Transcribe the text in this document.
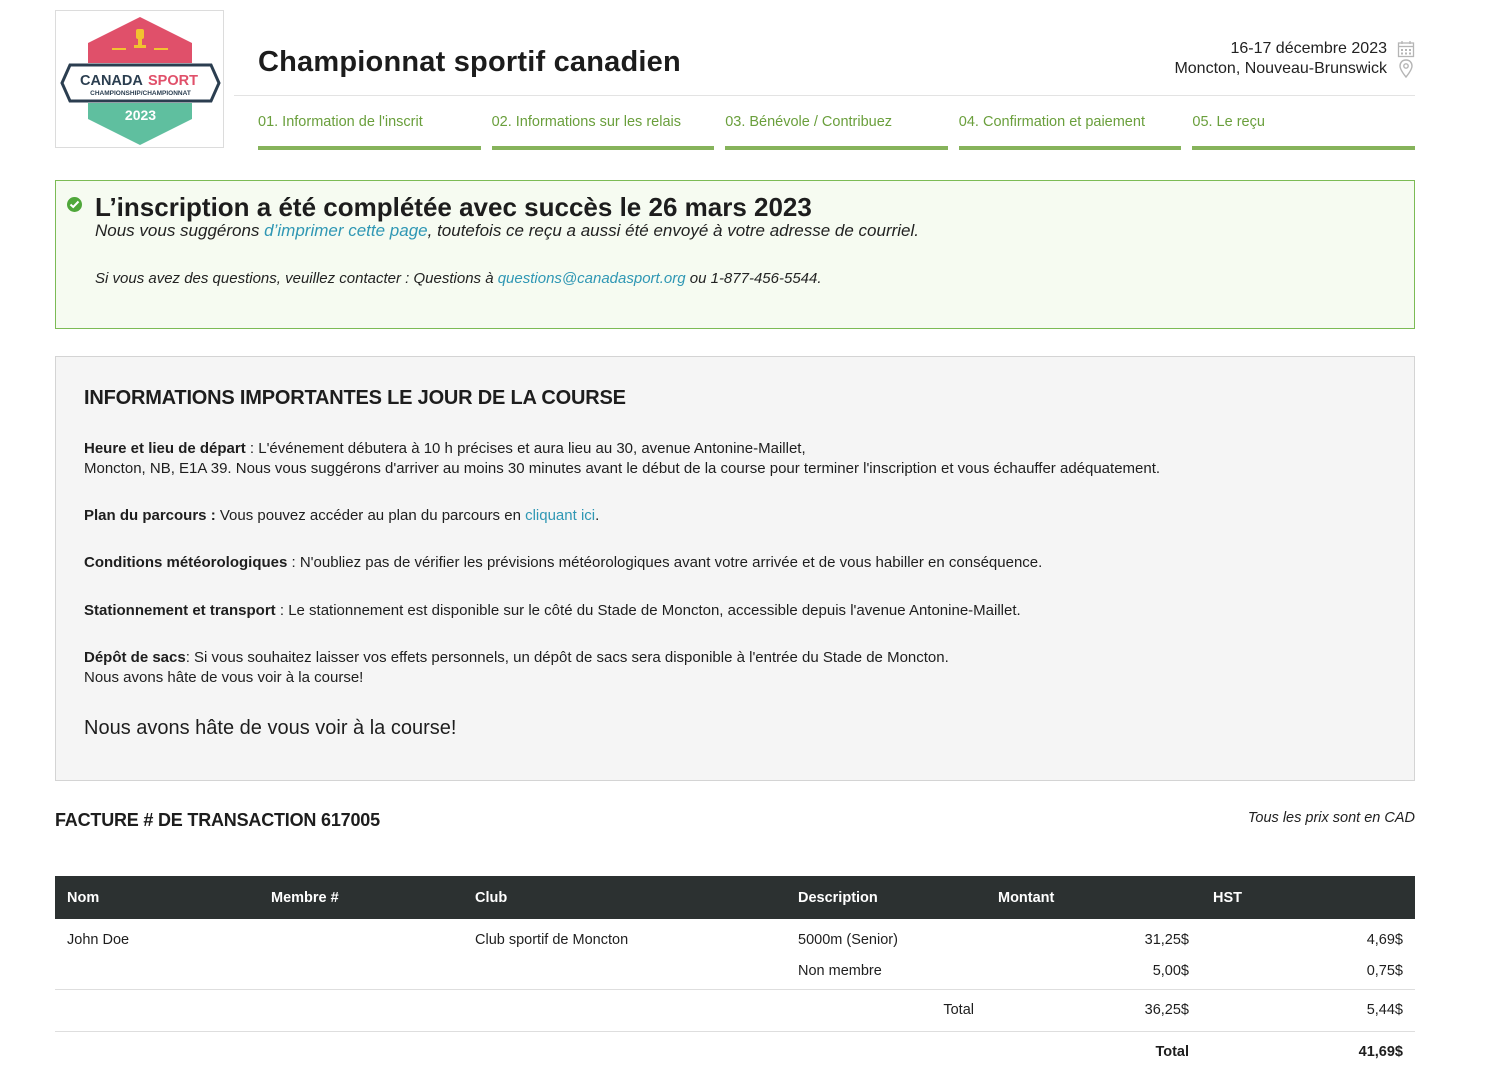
CANADA SPORT
CHAMPIONSHIP/CHAMPIONNAT
2023
Championnat sportif canadien	16-17 décembre 2023
Moncton, Nouveau-Brunswick
01. Information de l'inscrit	02. Informations sur les relais	03. Bénévole / Contribuez	04. Confirmation et paiement	05. Le reçu
L’inscription a été complétée avec succès le 26 mars 2023
Nous vous suggérons d’imprimer cette page, toutefois ce reçu a aussi été envoyé à votre adresse de courriel.
Si vous avez des questions, veuillez contacter : Questions à questions@canadasport.org ou 1-877-456-5544.
INFORMATIONS IMPORTANTES LE JOUR DE LA COURSE
Heure et lieu de départ : L'événement débutera à 10 h précises et aura lieu au 30, avenue Antonine-Maillet,
Moncton, NB, E1A 39. Nous vous suggérons d'arriver au moins 30 minutes avant le début de la course pour terminer l'inscription et vous échauffer adéquatement.
Plan du parcours : Vous pouvez accéder au plan du parcours en cliquant ici.
Conditions météorologiques : N'oubliez pas de vérifier les prévisions météorologiques avant votre arrivée et de vous habiller en conséquence.
Stationnement et transport : Le stationnement est disponible sur le côté du Stade de Moncton, accessible depuis l'avenue Antonine-Maillet.
Dépôt de sacs: Si vous souhaitez laisser vos effets personnels, un dépôt de sacs sera disponible à l'entrée du Stade de Moncton.
Nous avons hâte de vous voir à la course!
Nous avons hâte de vous voir à la course!
FACTURE # DE TRANSACTION 617005	Tous les prix sont en CAD
Nom	Membre #	Club	Description	Montant	HST
John Doe		Club sportif de Moncton	5000m (Senior)	31,25$	4,69$
			Non membre	5,00$	0,75$
			Total	36,25$	5,44$
				Total	41,69$
